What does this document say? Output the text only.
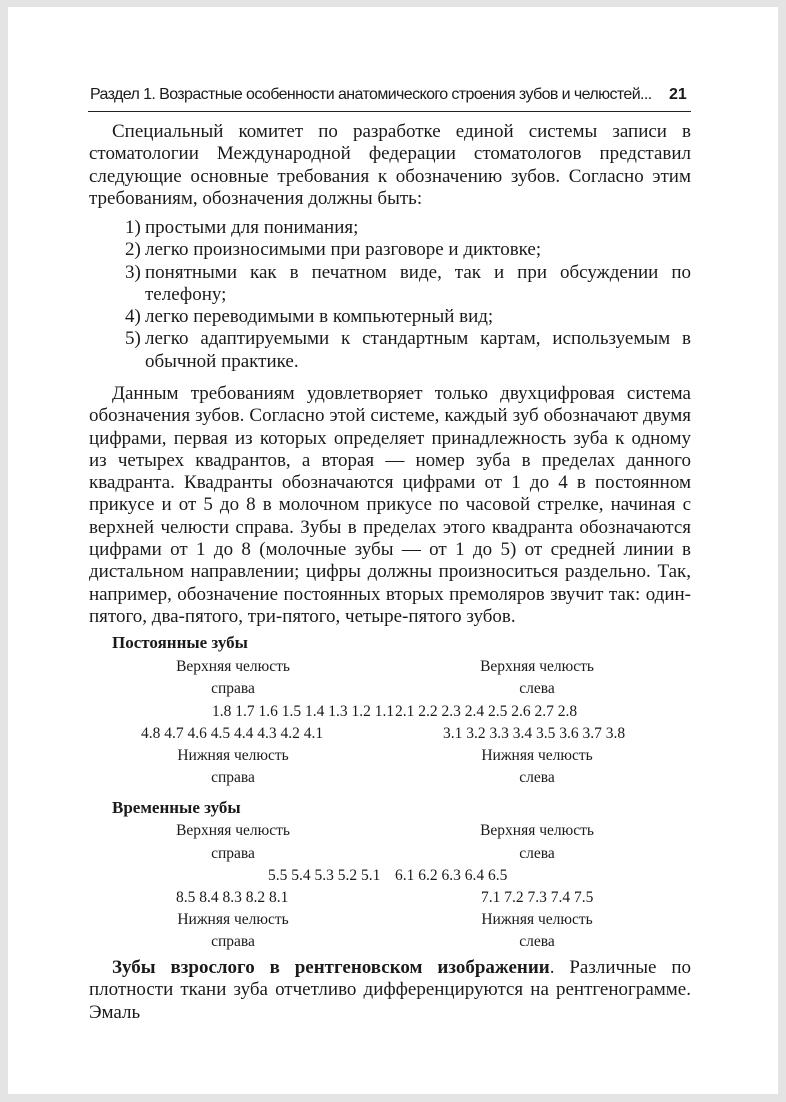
Раздел 1. Возрастные особенности анатомического строения зубов и челюстей... 21
Специальный комитет по разработке единой системы записи в стоматологии Международной федерации стоматологов представил следующие основные требования к обозначению зубов. Согласно этим требованиям, обозначения должны быть:
1) простыми для понимания;
2) легко произносимыми при разговоре и диктовке;
3) понятными как в печатном виде, так и при обсуждении по телефону;
4) легко переводимыми в компьютерный вид;
5) легко адаптируемыми к стандартным картам, используемым в обычной практике.
Данным требованиям удовлетворяет только двухцифровая система обозначения зубов. Согласно этой системе, каждый зуб обозначают двумя цифрами, первая из которых определяет принадлежность зуба к одному из четырех квадрантов, а вторая — номер зуба в пределах данного квадранта. Квадранты обозначаются цифрами от 1 до 4 в постоянном прикусе и от 5 до 8 в молочном прикусе по часовой стрелке, начиная с верхней челюсти справа. Зубы в пределах этого квадранта обозначаются цифрами от 1 до 8 (молочные зубы — от 1 до 5) от средней линии в дистальном направлении; цифры должны произноситься раздельно. Так, например, обозначение постоянных вторых премоляров звучит так: один-пятого, два-пятого, три-пятого, четыре-пятого зубов.
Постоянные зубы
Верхняя челюсть	Верхняя челюсть
справа	слева
1.8 1.7 1.6 1.5 1.4 1.3 1.2 1.1 2.1 2.2 2.3 2.4 2.5 2.6 2.7 2.8
4.8 4.7 4.6 4.5 4.4 4.3 4.2 4.1	3.1 3.2 3.3 3.4 3.5 3.6 3.7 3.8
Нижняя челюсть	Нижняя челюсть
справа	слева
Временные зубы
Верхняя челюсть	Верхняя челюсть
справа	слева
5.5 5.4 5.3 5.2 5.1 6.1 6.2 6.3 6.4 6.5
8.5 8.4 8.3 8.2 8.1	7.1 7.2 7.3 7.4 7.5
Нижняя челюсть	Нижняя челюсть
справа	слева
Зубы взрослого в рентгеновском изображении. Различные по плотности ткани зуба отчетливо дифференцируются на рентгенограмме. Эмаль
